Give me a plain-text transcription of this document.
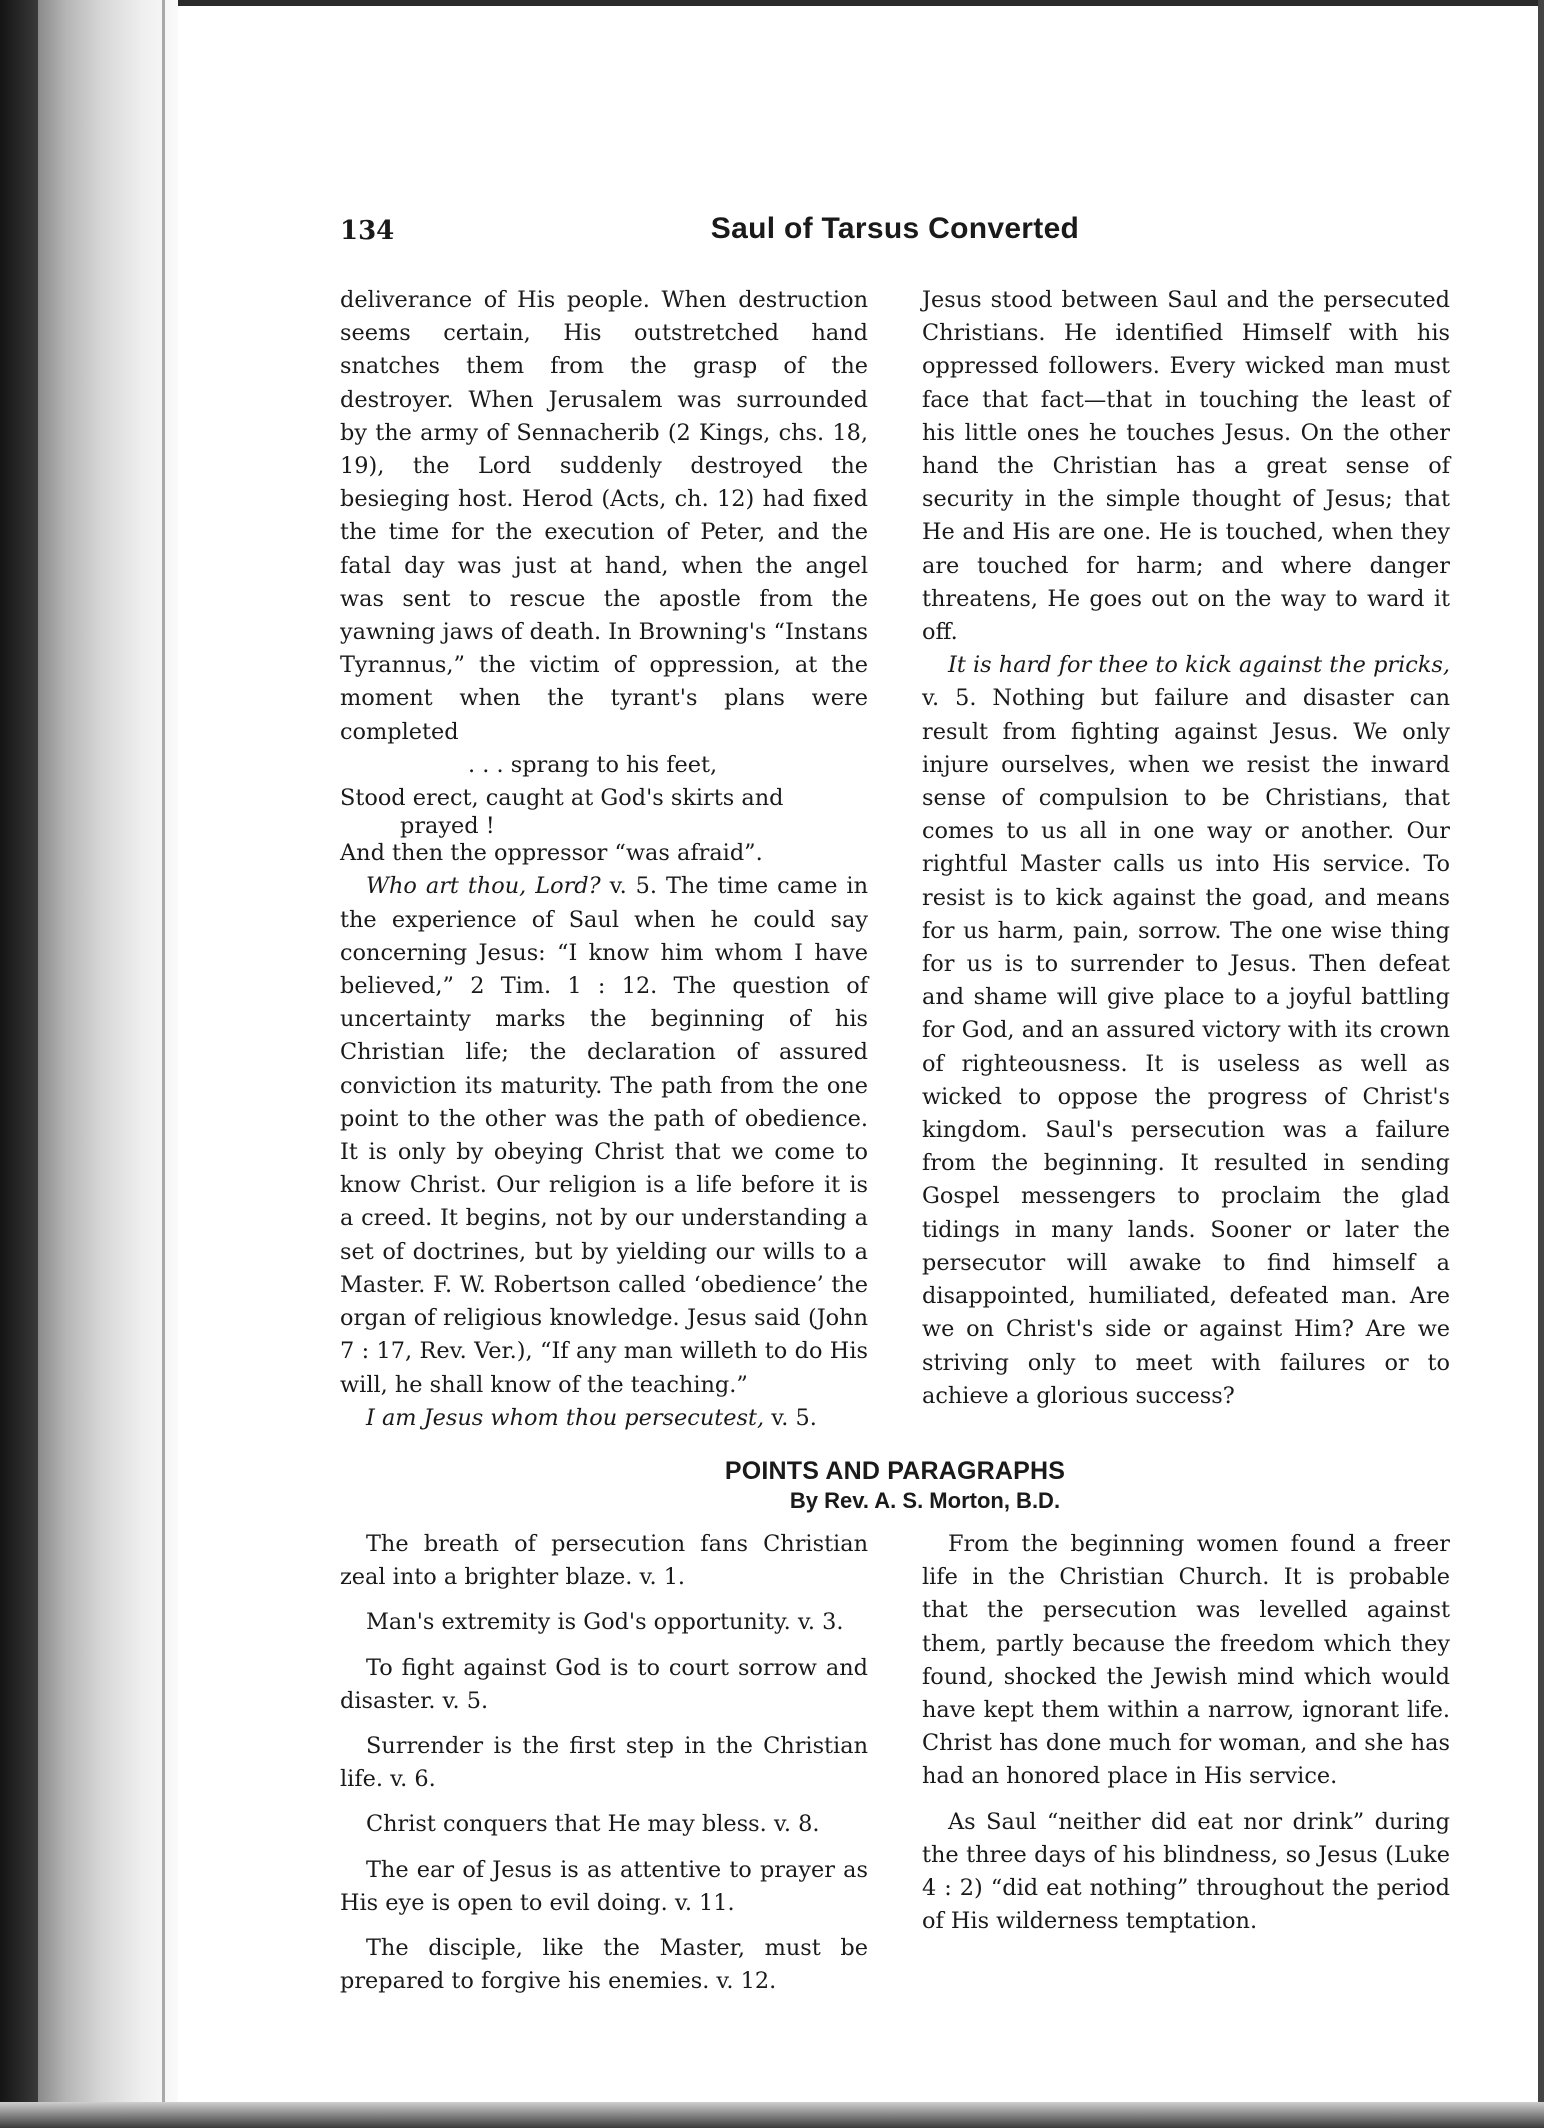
134	Saul of Tarsus Converted

deliverance of His people. When destruction seems certain, His outstretched hand snatches them from the grasp of the destroyer. When Jerusalem was surrounded by the army of Sennacherib (2 Kings, chs. 18, 19), the Lord suddenly destroyed the besieging host. Herod (Acts, ch. 12) had fixed the time for the execution of Peter, and the fatal day was just at hand, when the angel was sent to rescue the apostle from the yawning jaws of death. In Browning's “Instans Tyrannus,” the victim of oppression, at the moment when the tyrant's plans were completed

. . . sprang to his feet,
Stood erect, caught at God's skirts and
prayed !
And then the oppressor “was afraid”.

Who art thou, Lord? v. 5. The time came in the experience of Saul when he could say concerning Jesus: “I know him whom I have believed,” 2 Tim. 1 : 12. The question of uncertainty marks the beginning of his Christian life; the declaration of assured conviction its maturity. The path from the one point to the other was the path of obedience. It is only by obeying Christ that we come to know Christ. Our religion is a life before it is a creed. It begins, not by our understanding a set of doctrines, but by yielding our wills to a Master. F. W. Robertson called ‘obedience’ the organ of religious knowledge. Jesus said (John 7 : 17, Rev. Ver.), “If any man willeth to do His will, he shall know of the teaching.”

I am Jesus whom thou persecutest, v. 5.

Jesus stood between Saul and the persecuted Christians. He identified Himself with his oppressed followers. Every wicked man must face that fact—that in touching the least of his little ones he touches Jesus. On the other hand the Christian has a great sense of security in the simple thought of Jesus; that He and His are one. He is touched, when they are touched for harm; and where danger threatens, He goes out on the way to ward it off.

It is hard for thee to kick against the pricks, v. 5. Nothing but failure and disaster can result from fighting against Jesus. We only injure ourselves, when we resist the inward sense of compulsion to be Christians, that comes to us all in one way or another. Our rightful Master calls us into His service. To resist is to kick against the goad, and means for us harm, pain, sorrow. The one wise thing for us is to surrender to Jesus. Then defeat and shame will give place to a joyful battling for God, and an assured victory with its crown of righteousness. It is useless as well as wicked to oppose the progress of Christ's kingdom. Saul's persecution was a failure from the beginning. It resulted in sending Gospel messengers to proclaim the glad tidings in many lands. Sooner or later the persecutor will awake to find himself a disappointed, humiliated, defeated man. Are we on Christ's side or against Him? Are we striving only to meet with failures or to achieve a glorious success?

POINTS AND PARAGRAPHS
By Rev. A. S. Morton, B.D.

The breath of persecution fans Christian zeal into a brighter blaze. v. 1.

Man's extremity is God's opportunity. v. 3.

To fight against God is to court sorrow and disaster. v. 5.

Surrender is the first step in the Christian life. v. 6.

Christ conquers that He may bless. v. 8.

The ear of Jesus is as attentive to prayer as His eye is open to evil doing. v. 11.

The disciple, like the Master, must be prepared to forgive his enemies. v. 12.

From the beginning women found a freer life in the Christian Church. It is probable that the persecution was levelled against them, partly because the freedom which they found, shocked the Jewish mind which would have kept them within a narrow, ignorant life. Christ has done much for woman, and she has had an honored place in His service.

As Saul “neither did eat nor drink” during the three days of his blindness, so Jesus (Luke 4 : 2) “did eat nothing” throughout the period of His wilderness temptation.
